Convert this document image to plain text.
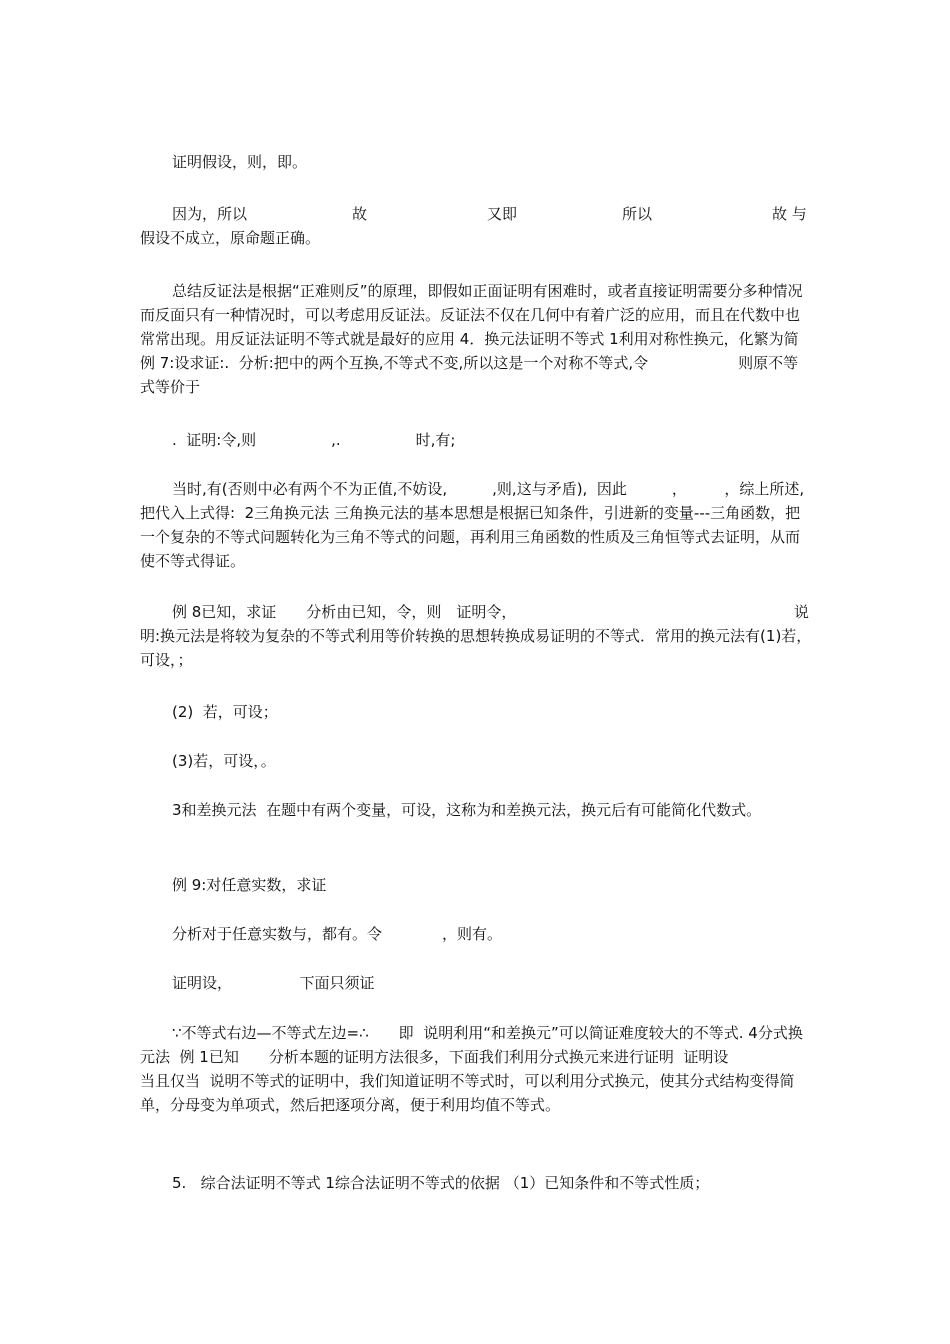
证明假设，则，即。

因为，所以　　　　　　　故　　　　　　　　又即　　　　　　　所以　　　　　　　　故 与假设不成立，原命题正确。

总结反证法是根据“正难则反”的原理，即假如正面证明有困难时，或者直接证明需要分多种情况而反面只有一种情况时，可以考虑用反证法。反证法不仅在几何中有着广泛的应用，而且在代数中也常常出现。用反证法证明不等式就是最好的应用 4．换元法证明不等式 1利用对称性换元，化繁为简  例 7:设求证:.  分析:把中的两个互换,不等式不变,所以这是一个对称不等式,令　　　　　　则原不等式等价于

.  证明:令,则　　　　　,.　　　　　时,有;

当时,有(否则中必有两个不为正值,不妨设,　　　,则,这与矛盾),  因此　　　，　　　，综上所述,　　　把代入上式得:  2三角换元法 三角换元法的基本思想是根据已知条件，引进新的变量---三角函数，把一个复杂的不等式问题转化为三角不等式的问题，再利用三角函数的性质及三角恒等式去证明，从而使不等式得证。

例 8已知，求证　　分析由已知，令，则　证明令，　　　　　　　　　　　　　　　　　　　说明:换元法是将较为复杂的不等式利用等价转换的思想转换成易证明的不等式．常用的换元法有(1)若，可设，；

(2)  若，可设；

(3)若，可设，。

3和差换元法  在题中有两个变量，可设，这称为和差换元法，换元后有可能简化代数式。

例 9:对任意实数，求证

分析对于任意实数与，都有。令　　　　，则有。

证明设，　　　　　下面只须证

∵不等式右边—不等式左边=∴　　即  说明利用“和差换元”可以简证难度较大的不等式. 4分式换元法  例 1已知　　分析本题的证明方法很多，下面我们利用分式换元来进行证明  证明设　　　　　　　　　　　　当且仅当  说明不等式的证明中，我们知道证明不等式时，可以利用分式换元，使其分式结构变得简单，分母变为单项式，然后把逐项分离，便于利用均值不等式。

5.   综合法证明不等式 1综合法证明不等式的依据 （1）已知条件和不等式性质；
